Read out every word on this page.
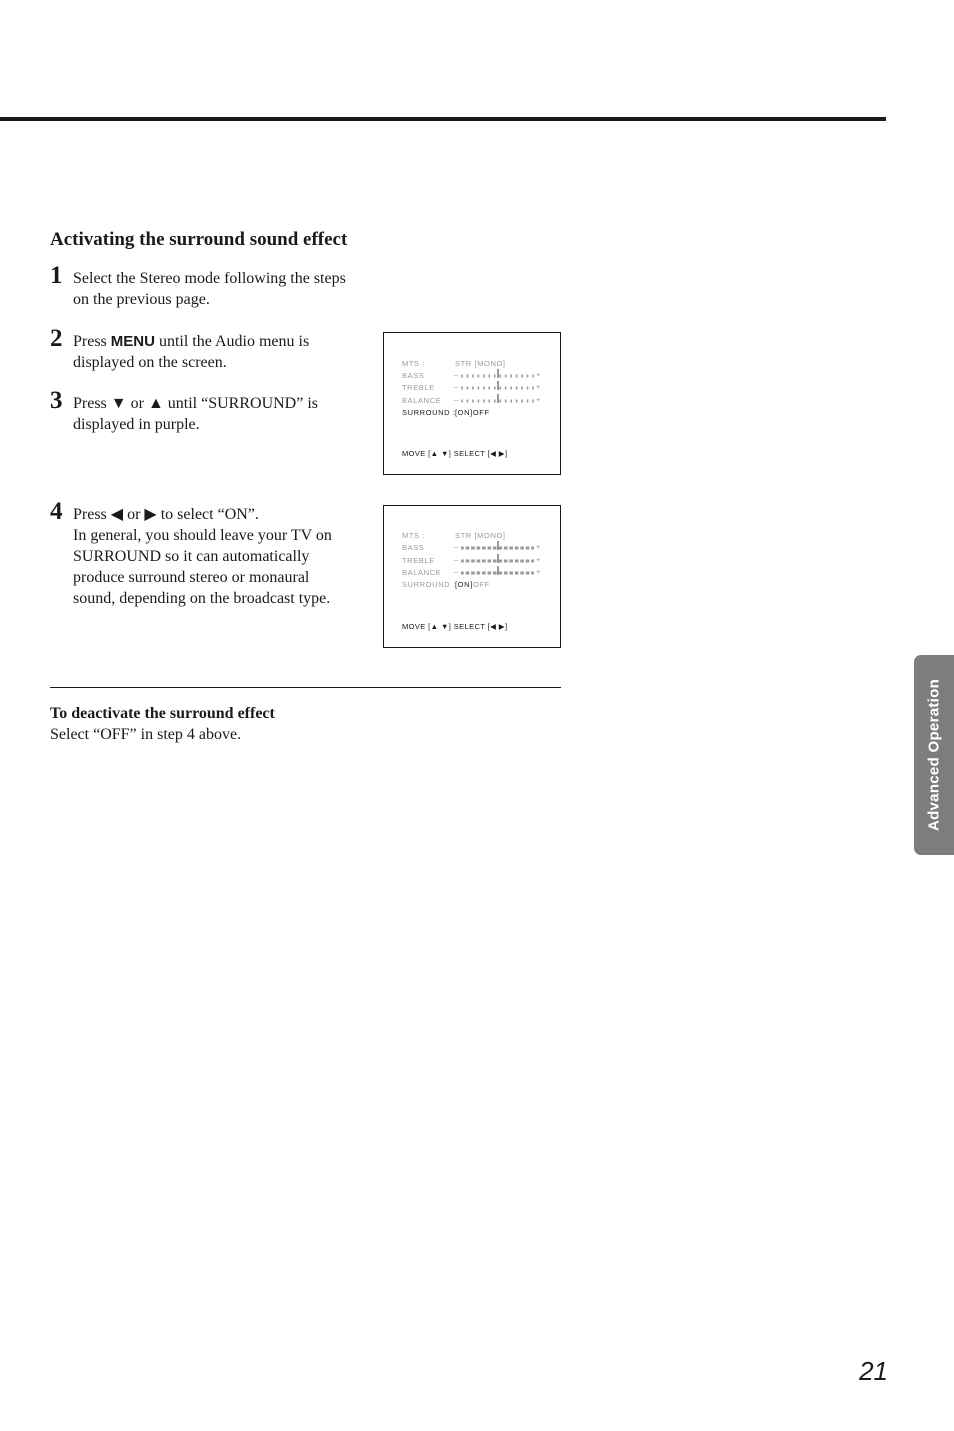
Activating the surround sound effect
1 Select the Stereo mode following the steps
on the previous page.
2 Press MENU until the Audio menu is
displayed on the screen.
3 Press ▼ or ▲ until “SURROUND” is
displayed in purple.
4 Press ◀ or ▶ to select “ON”.
In general, you should leave your TV on
SURROUND so it can automatically
produce surround stereo or monaural
sound, depending on the broadcast type.
MTS :	STR [MONO]
BASS	–	+
TREBLE	–	+
BALANCE –	+
SURROUND : [ON]OFF
MOVE [▲ ▼] SELECT [◀ ▶]
MTS :	STR [MONO]
BASS	–	+
TREBLE	–	+
BALANCE –	+
SURROUND : [ON]OFF
MOVE [▲ ▼] SELECT [◀ ▶]
To deactivate the surround effect
Select “OFF” in step 4 above.	Advanced Operation
21
